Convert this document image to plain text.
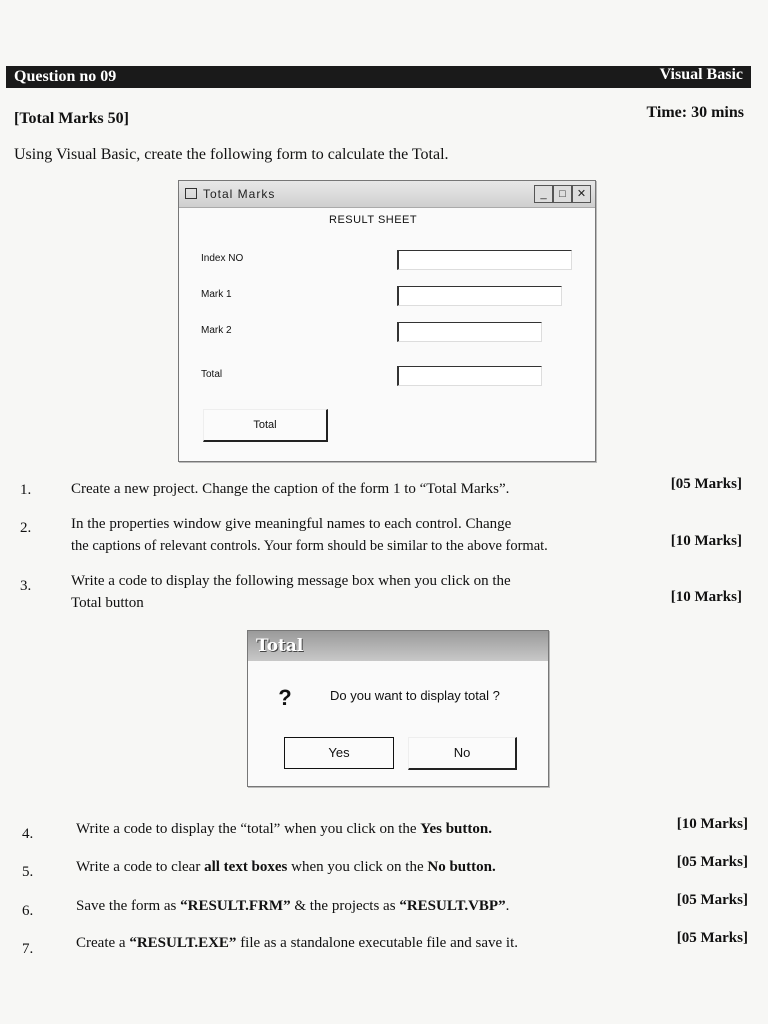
Question no 09	Visual Basic
[Total Marks 50]	Time: 30 mins
Using Visual Basic, create the following form to calculate the Total.
Total Marks	_	□	✕
RESULT SHEET
Index NO
Mark 1
Mark 2
Total
Total
1.	Create a new project. Change the caption of the form 1 to “Total Marks”.	[05 Marks]
2.	In the properties window give meaningful names to each control. Change
the captions of relevant controls. Your form should be similar to the above format.	[10 Marks]
3.	Write a code to display the following message box when you click on the
Total button	[10 Marks]
Total
?	Do you want to display total ?
Yes	No
4.	Write a code to display the “total” when you click on the Yes button.	[10 Marks]
5.	Write a code to clear all text boxes when you click on the No button.	[05 Marks]
6.	Save the form as “RESULT.FRM” & the projects as “RESULT.VBP”.	[05 Marks]
7.	Create a “RESULT.EXE” file as a standalone executable file and save it.	[05 Marks]
